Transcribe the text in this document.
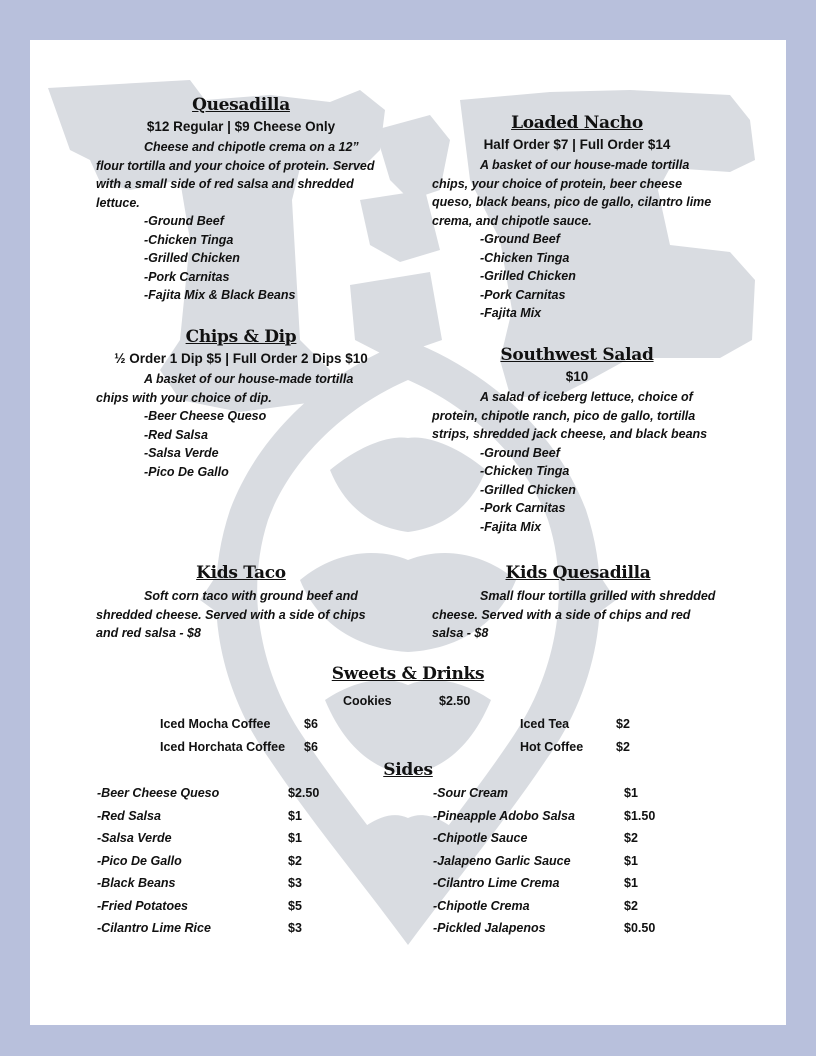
Quesadilla
$12 Regular | $9 Cheese Only

Cheese and chipotle crema on a 12” flour tortilla and your choice of protein. Served with a small side of red salsa and shredded lettuce.

-Ground Beef
-Chicken Tinga
-Grilled Chicken
-Pork Carnitas
-Fajita Mix & Black Beans
Chips & Dip
½ Order 1 Dip $5 | Full Order 2 Dips $10

A basket of our house-made tortilla chips with your choice of dip.

-Beer Cheese Queso
-Red Salsa
-Salsa Verde
-Pico De Gallo
Loaded Nacho
Half Order $7 | Full Order $14

A basket of our house-made tortilla chips, your choice of protein, beer cheese queso, black beans, pico de gallo, cilantro lime crema, and chipotle sauce.

-Ground Beef
-Chicken Tinga
-Grilled Chicken
-Pork Carnitas
-Fajita Mix
Southwest Salad
$10

A salad of iceberg lettuce, choice of protein, chipotle ranch, pico de gallo, tortilla strips, shredded jack cheese, and black beans

-Ground Beef
-Chicken Tinga
-Grilled Chicken
-Pork Carnitas
-Fajita Mix
Kids Taco

Soft corn taco with ground beef and shredded cheese. Served with a side of chips and red salsa - $8

Kids Quesadilla

Small flour tortilla grilled with shredded cheese. Served with a side of chips and red salsa - $8

Sweets & Drinks
Cookies	$2.50
Iced Mocha Coffee	$6	Iced Tea	$2
Iced Horchata Coffee $6	Hot Coffee	$2
Sides
-Beer Cheese Queso	$2.50
-Red Salsa	$1
-Salsa Verde	$1
-Pico De Gallo	$2
-Black Beans	$3
-Fried Potatoes	$5
-Cilantro Lime Rice	$3
-Sour Cream	$1
-Pineapple Adobo Salsa	$1.50
-Chipotle Sauce	$2
-Jalapeno Garlic Sauce	$1
-Cilantro Lime Crema	$1
-Chipotle Crema	$2
-Pickled Jalapenos	$0.50
